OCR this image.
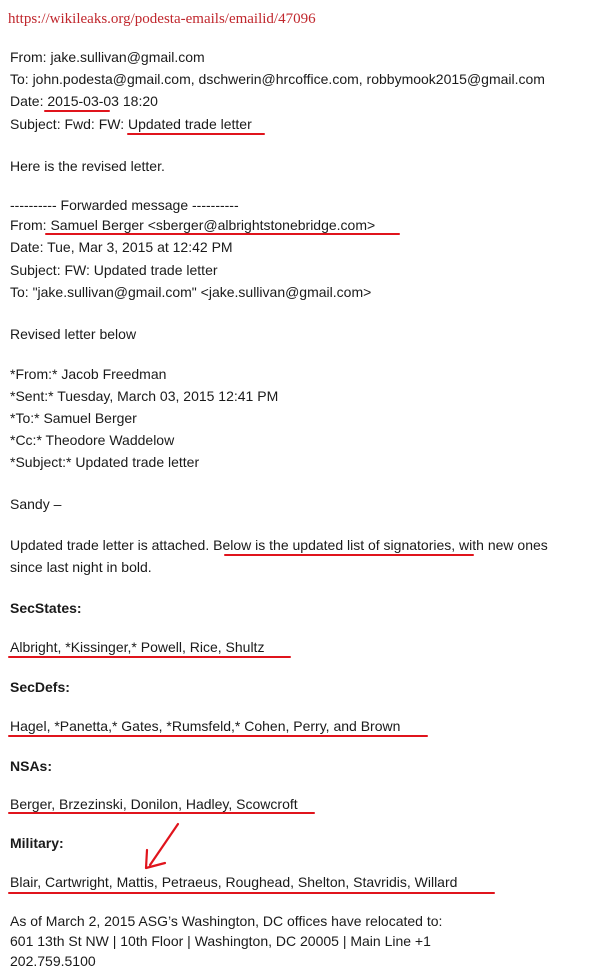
https://wikileaks.org/podesta-emails/emailid/47096
From: jake.sullivan@gmail.com
To: john.podesta@gmail.com, dschwerin@hrcoffice.com, robbymook2015@gmail.com
Date: 2015-03-03 18:20
Subject: Fwd: FW: Updated trade letter
Here is the revised letter.
---------- Forwarded message ----------
From: Samuel Berger <sberger@albrightstonebridge.com>
Date: Tue, Mar 3, 2015 at 12:42 PM
Subject: FW: Updated trade letter
To: "jake.sullivan@gmail.com" <jake.sullivan@gmail.com>
Revised letter below
*From:* Jacob Freedman
*Sent:* Tuesday, March 03, 2015 12:41 PM
*To:* Samuel Berger
*Cc:* Theodore Waddelow
*Subject:* Updated trade letter
Sandy –
Updated trade letter is attached. Below is the updated list of signatories, with new ones
since last night in bold.
SecStates:
Albright, *Kissinger,* Powell, Rice, Shultz
SecDefs:
Hagel, *Panetta,* Gates, *Rumsfeld,* Cohen, Perry, and Brown
NSAs:
Berger, Brzezinski, Donilon, Hadley, Scowcroft
Military:
Blair, Cartwright, Mattis, Petraeus, Roughead, Shelton, Stavridis, Willard
As of March 2, 2015 ASG’s Washington, DC offices have relocated to:
601 13th St NW | 10th Floor | Washington, DC 20005 | Main Line +1
202.759.5100
